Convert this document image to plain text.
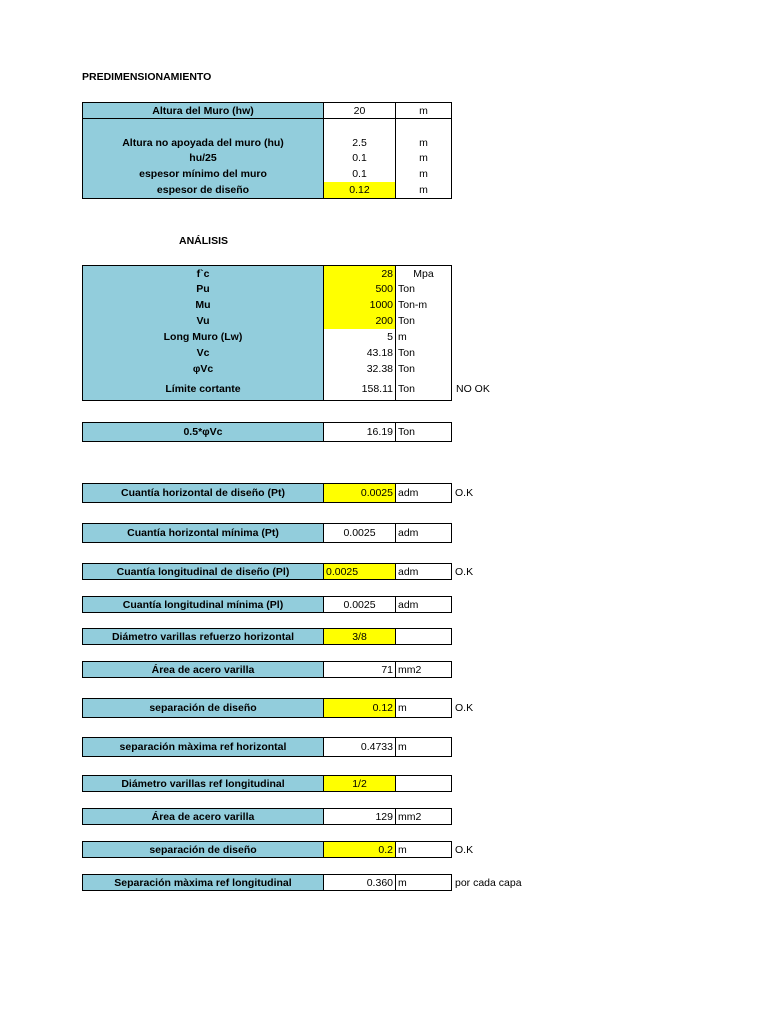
PREDIMENSIONAMIENTO
Altura del Muro (hw)	20	m
Altura no apoyada del muro (hu)	2.5	m
hu/25	0.1	m
espesor mínimo del muro	0.1	m
espesor de diseño	0.12	m
ANÁLISIS
f`c	28	Mpa
Pu	500 Ton
Mu	1000 Ton-m
Vu	200 Ton
Long Muro (Lw)	5 m
Vc	43.18 Ton
φVc	32.38 Ton
Límite cortante	158.11 Ton	NO OK
0.5*φVc	16.19 Ton
Cuantía horizontal de diseño (Pt)	0.0025 adm	O.K
Cuantía horizontal mínima (Pt)	0.0025	adm
Cuantía longitudinal de diseño (Pl)	0.0025	adm	O.K
Cuantía longitudinal mínima (Pl)	0.0025	adm
Diámetro varillas refuerzo horizontal	3/8
Área de acero varilla	71 mm2
separación de diseño	0.12 m	O.K
separación màxima ref horizontal	0.4733 m
Diámetro varillas ref longitudinal	1/2
Área de acero varilla	129 mm2
separación de diseño	0.2 m	O.K
Separación màxima ref longitudinal	0.360 m	por cada capa
